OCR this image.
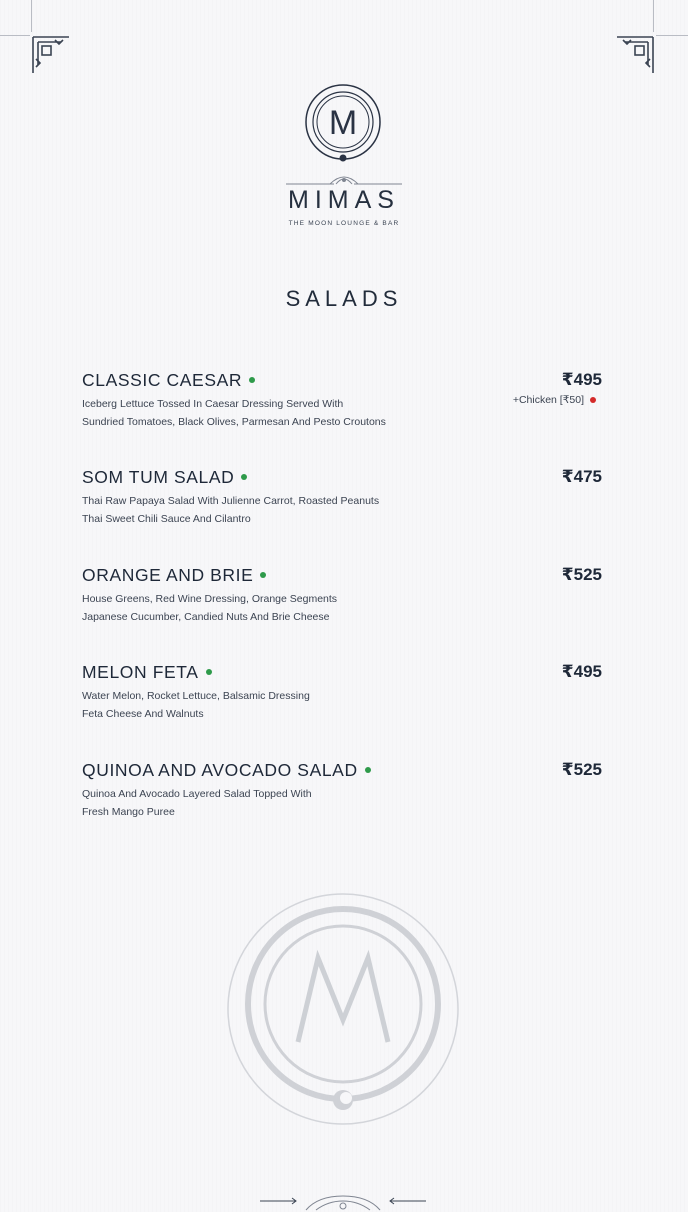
M
MIMAS
THE MOON LOUNGE & BAR
SALADS
CLASSIC CAESAR	₹495
+Chicken [₹50]
Iceberg Lettuce Tossed In Caesar Dressing Served With
Sundried Tomatoes, Black Olives, Parmesan And Pesto Croutons
SOM TUM SALAD	₹475
Thai Raw Papaya Salad With Julienne Carrot, Roasted Peanuts
Thai Sweet Chili Sauce And Cilantro
ORANGE AND BRIE	₹525
House Greens, Red Wine Dressing, Orange Segments
Japanese Cucumber, Candied Nuts And Brie Cheese
MELON FETA	₹495
Water Melon, Rocket Lettuce, Balsamic Dressing
Feta Cheese And Walnuts
QUINOA AND AVOCADO SALAD	₹525
Quinoa And Avocado Layered Salad Topped With
Fresh Mango Puree
